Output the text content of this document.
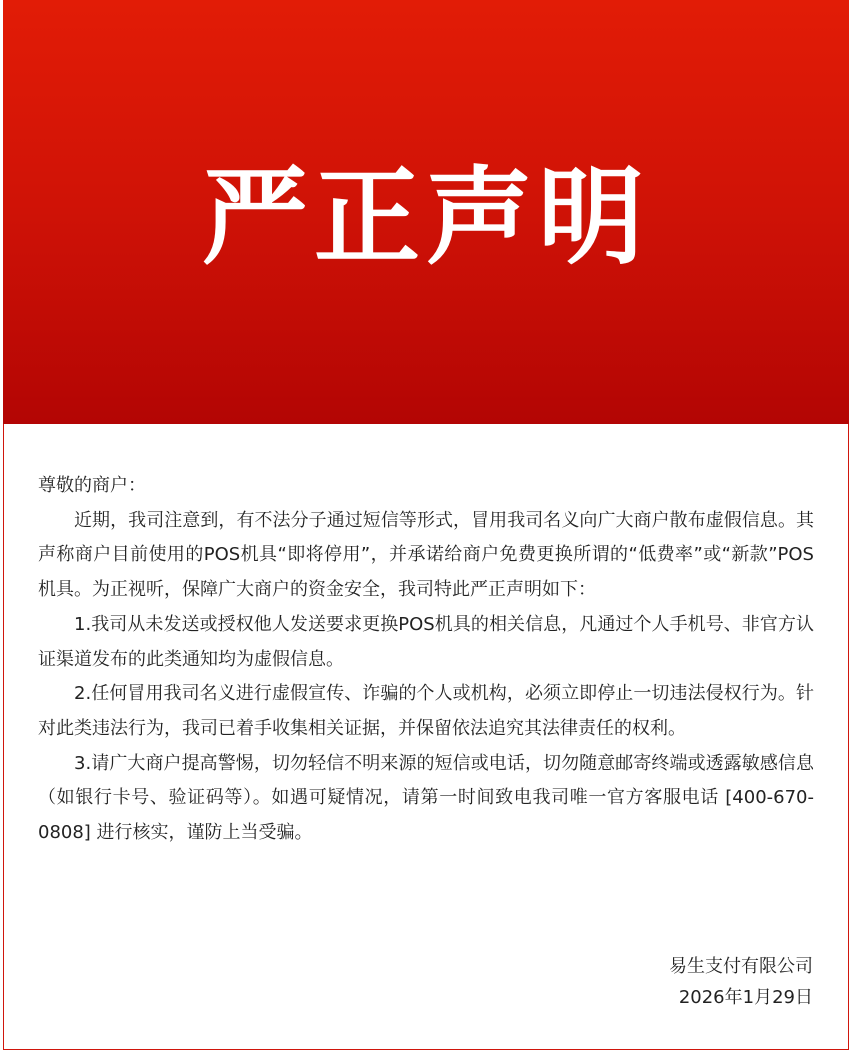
严正声明

尊敬的商户：

近期，我司注意到，有不法分子通过短信等形式，冒用我司名义向广大商户散布虚假信息。其声称商户目前使用的POS机具“即将停用”，并承诺给商户免费更换所谓的“低费率”或“新款”POS机具。为正视听，保障广大商户的资金安全，我司特此严正声明如下：

1.我司从未发送或授权他人发送要求更换POS机具的相关信息，凡通过个人手机号、非官方认证渠道发布的此类通知均为虚假信息。

2.任何冒用我司名义进行虚假宣传、诈骗的个人或机构，必须立即停止一切违法侵权行为。针对此类违法行为，我司已着手收集相关证据，并保留依法追究其法律责任的权利。

3.请广大商户提高警惕，切勿轻信不明来源的短信或电话，切勿随意邮寄终端或透露敏感信息（如银行卡号、验证码等）。如遇可疑情况，请第一时间致电我司唯一官方客服电话 [400-670-0808] 进行核实，谨防上当受骗。

易生支付有限公司
2026年1月29日
